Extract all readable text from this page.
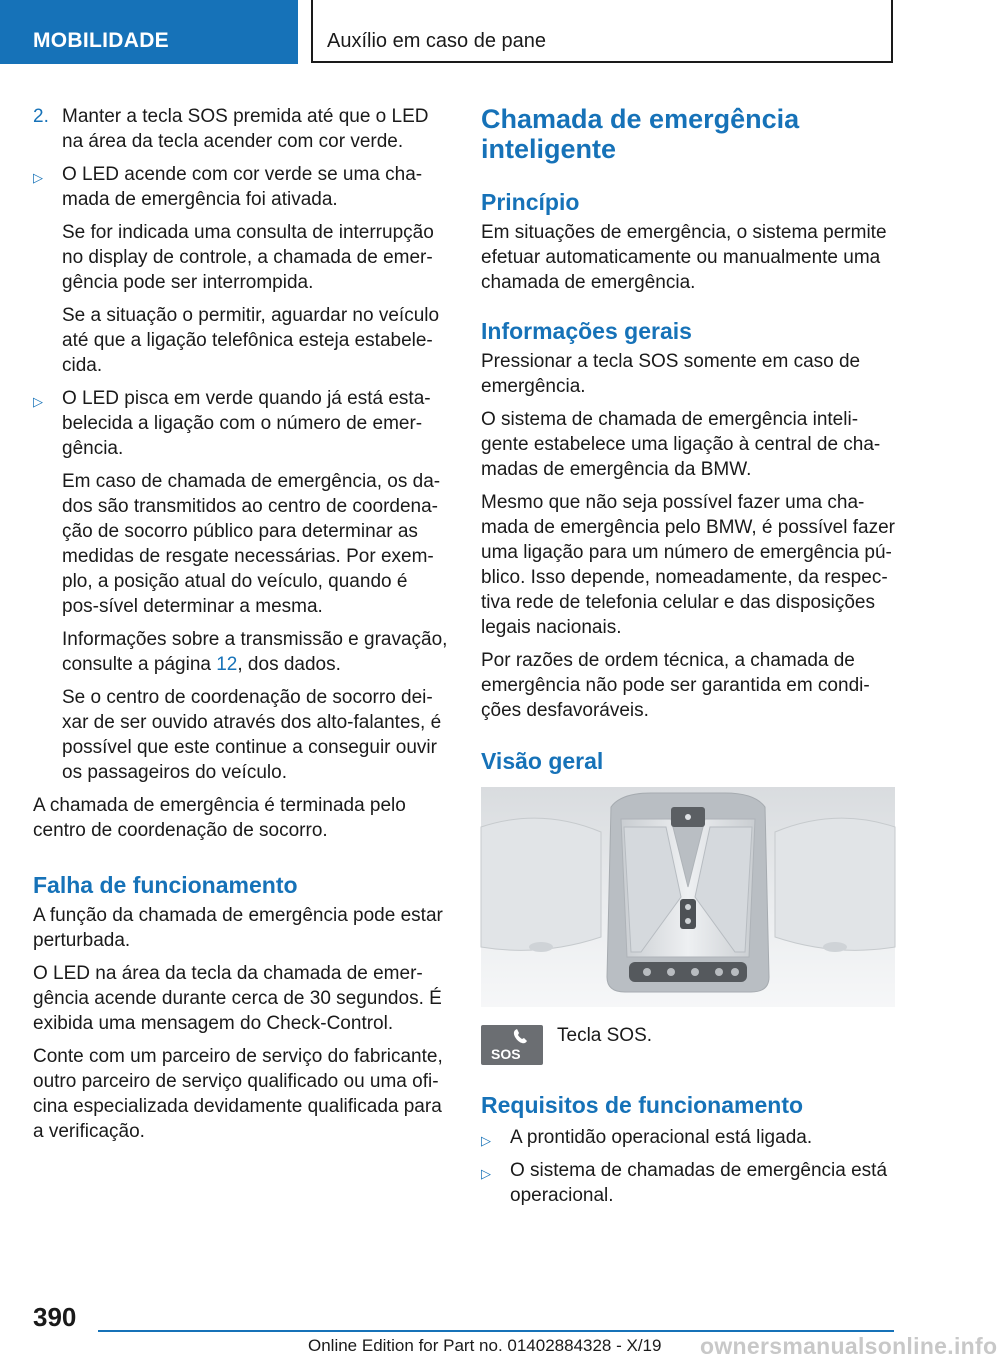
MOBILIDADE	Auxílio em caso de pane

2. Manter a tecla SOS premida até que o LED na área da tecla acender com cor verde.

▷ O LED acende com cor verde se uma cha-mada de emergência foi ativada.

Se for indicada uma consulta de interrupção no display de controle, a chamada de emer-gência pode ser interrompida.

Se a situação o permitir, aguardar no veículo até que a ligação telefônica esteja estabele-cida.

▷ O LED pisca em verde quando já está esta-belecida a ligação com o número de emer-gência.

Em caso de chamada de emergência, os da-dos são transmitidos ao centro de coordena-ção de socorro público para determinar as medidas de resgate necessárias. Por exem-plo, a posição atual do veículo, quando é pos-sível determinar a mesma.

Informações sobre a transmissão e gravação, consulte a página 12, dos dados.

Se o centro de coordenação de socorro dei-xar de ser ouvido através dos alto-falantes, é possível que este continue a conseguir ouvir os passageiros do veículo.

A chamada de emergência é terminada pelo centro de coordenação de socorro.

Falha de funcionamento

A função da chamada de emergência pode estar perturbada.

O LED na área da tecla da chamada de emer-gência acende durante cerca de 30 segundos. É exibida uma mensagem do Check-Control.

Conte com um parceiro de serviço do fabricante, outro parceiro de serviço qualificado ou uma ofi-cina especializada devidamente qualificada para a verificação.

Chamada de emergência inteligente
Princípio

Em situações de emergência, o sistema permite efetuar automaticamente ou manualmente uma chamada de emergência.

Informações gerais

Pressionar a tecla SOS somente em caso de emergência.

O sistema de chamada de emergência inteli-gente estabelece uma ligação à central de cha-madas de emergência da BMW.

Mesmo que não seja possível fazer uma cha-mada de emergência pelo BMW, é possível fazer uma ligação para um número de emergência pú-blico. Isso depende, nomeadamente, da respec-tiva rede de telefonia celular e das disposições legais nacionais.

Por razões de ordem técnica, a chamada de emergência não pode ser garantida em condi-ções desfavoráveis.

Visão geral
SOS
Tecla SOS.
Requisitos de funcionamento

▷ A prontidão operacional está ligada.

▷ O sistema de chamadas de emergência está operacional.

390
Online Edition for Part no. 01402884328 - X/19 ownersmanualsonline.info
